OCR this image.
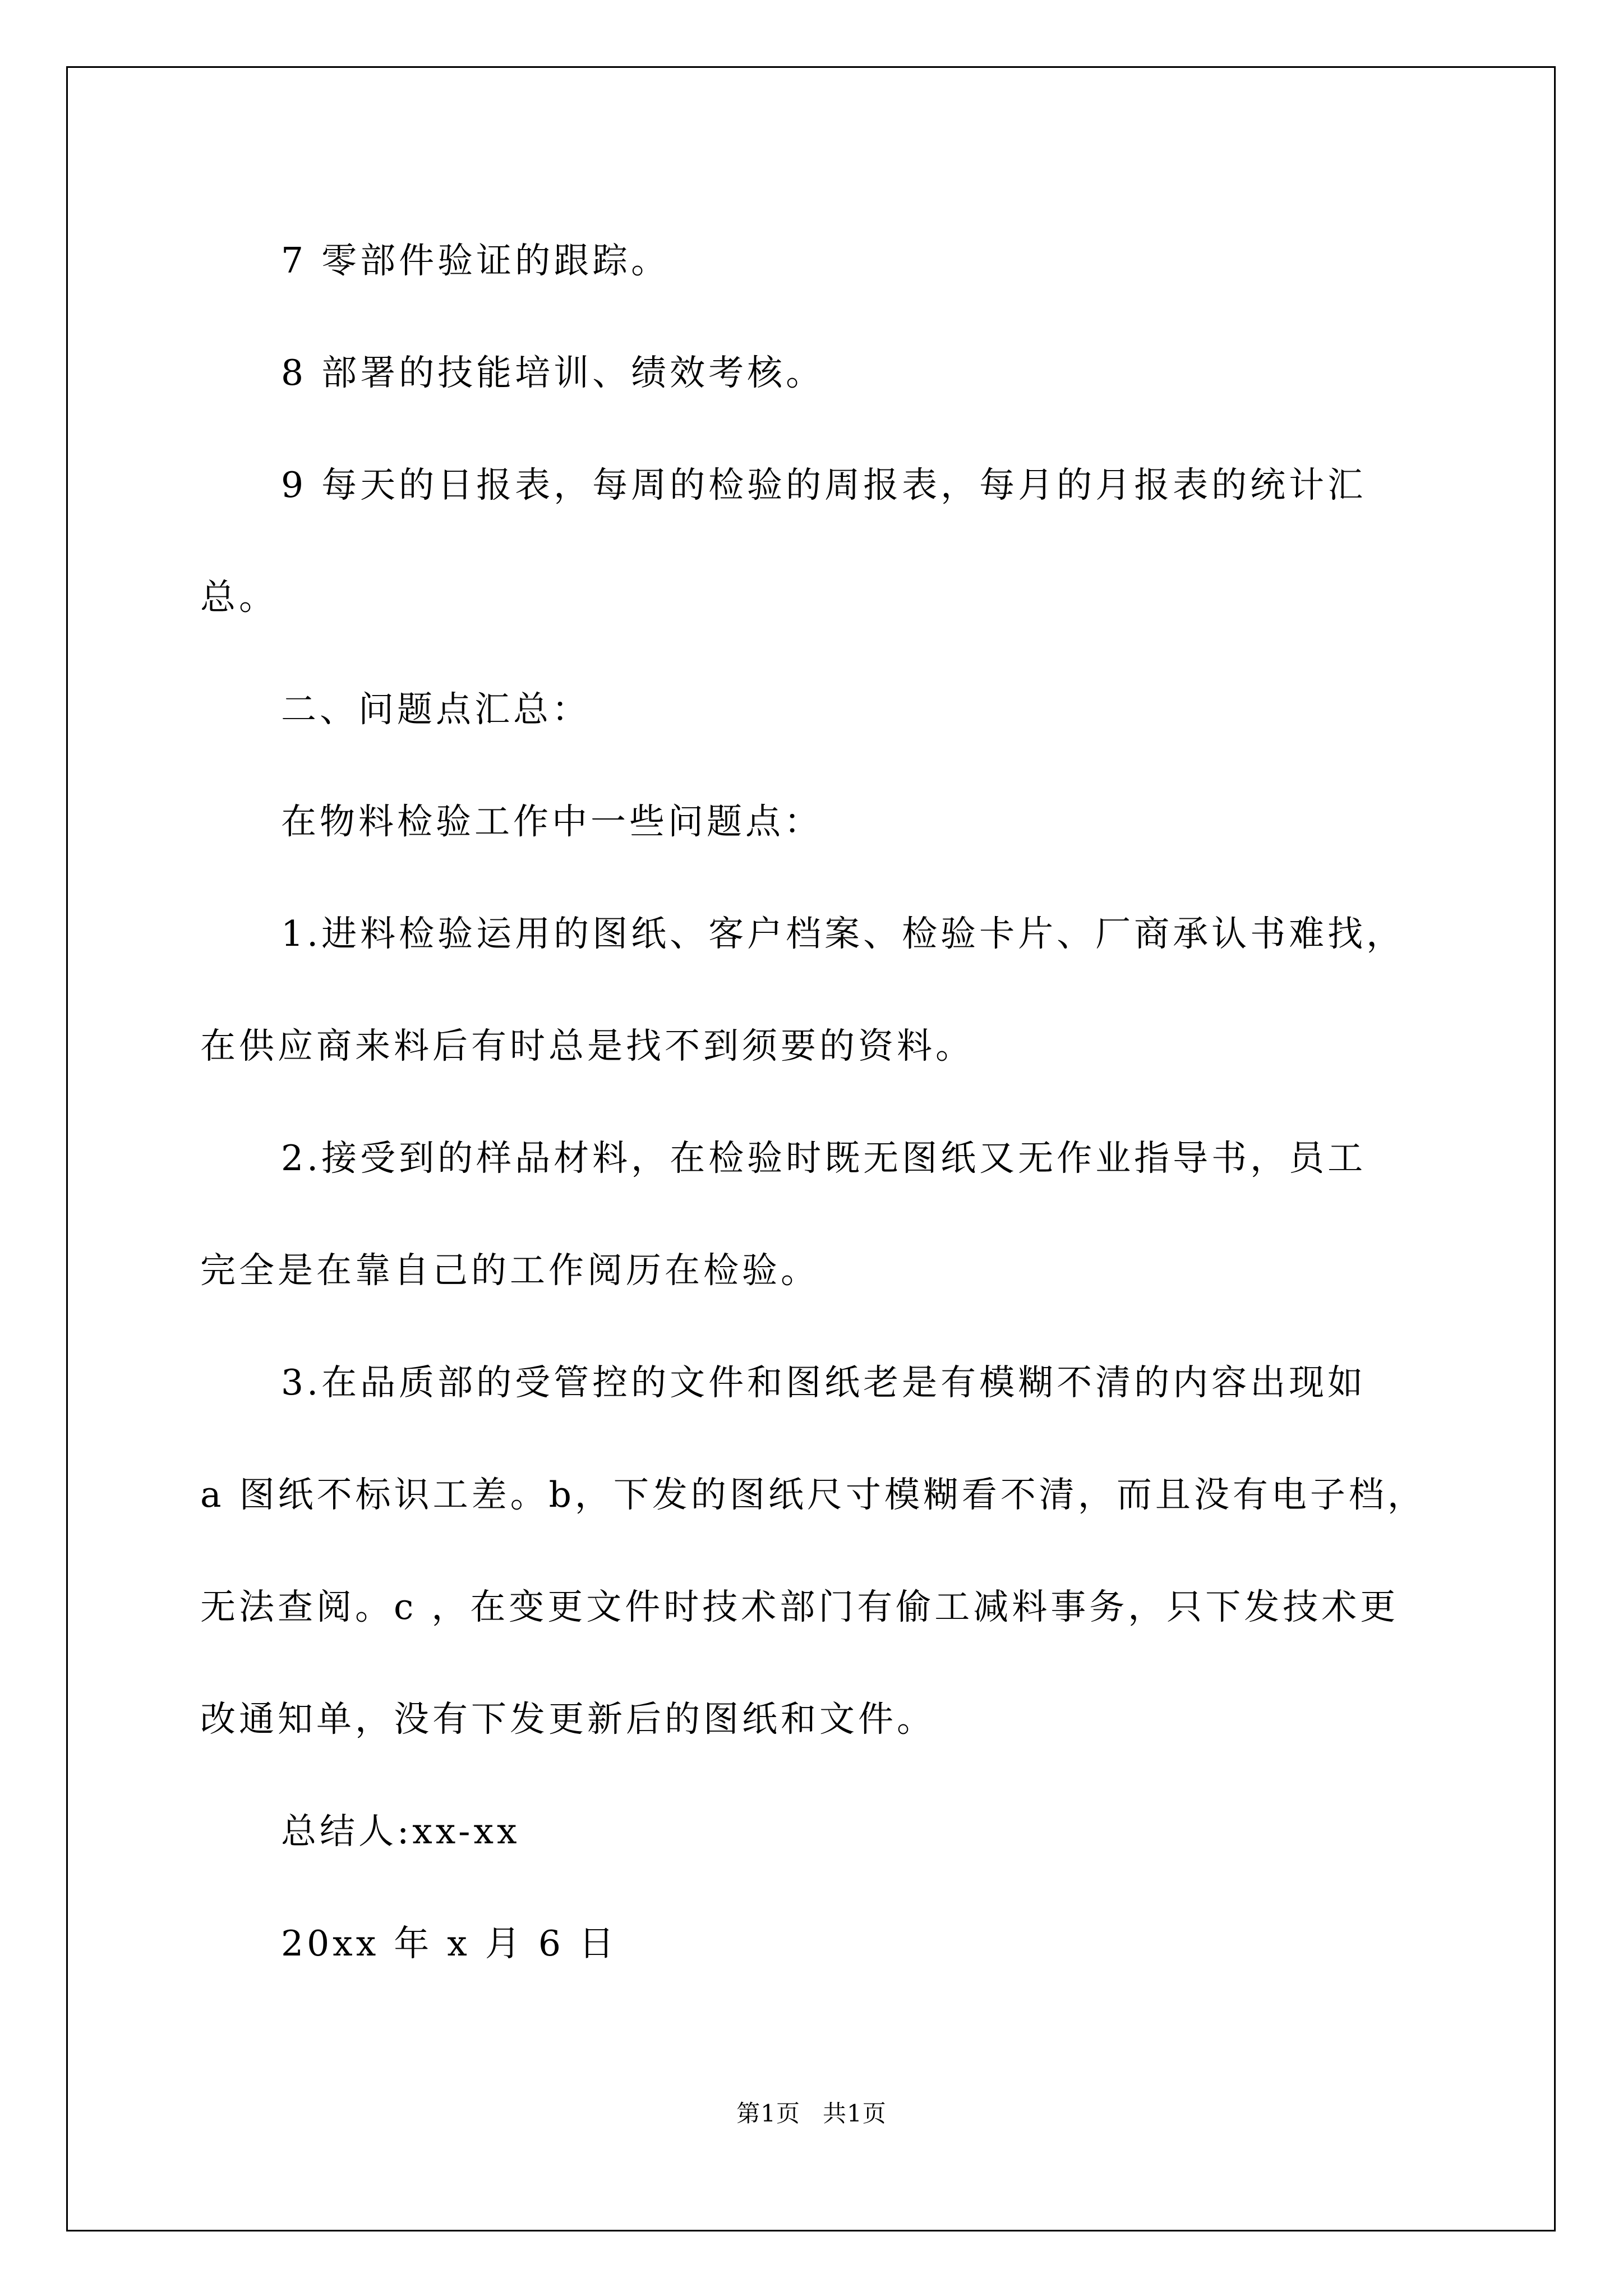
7 零部件验证的跟踪。
8 部署的技能培训、绩效考核。
9 每天的日报表，每周的检验的周报表，每月的月报表的统计汇
总。
二、问题点汇总：
在物料检验工作中一些问题点：
1.进料检验运用的图纸、客户档案、检验卡片、厂商承认书难找，
在供应商来料后有时总是找不到须要的资料。
2.接受到的样品材料，在检验时既无图纸又无作业指导书，员工
完全是在靠自己的工作阅历在检验。
3.在品质部的受管控的文件和图纸老是有模糊不清的内容出现如
a 图纸不标识工差。b，下发的图纸尺寸模糊看不清，而且没有电子档，
无法查阅。c ，在变更文件时技术部门有偷工减料事务，只下发技术更
改通知单，没有下发更新后的图纸和文件。
总结人:xx-xx
20xx 年 x 月 6 日
第1页 共1页
